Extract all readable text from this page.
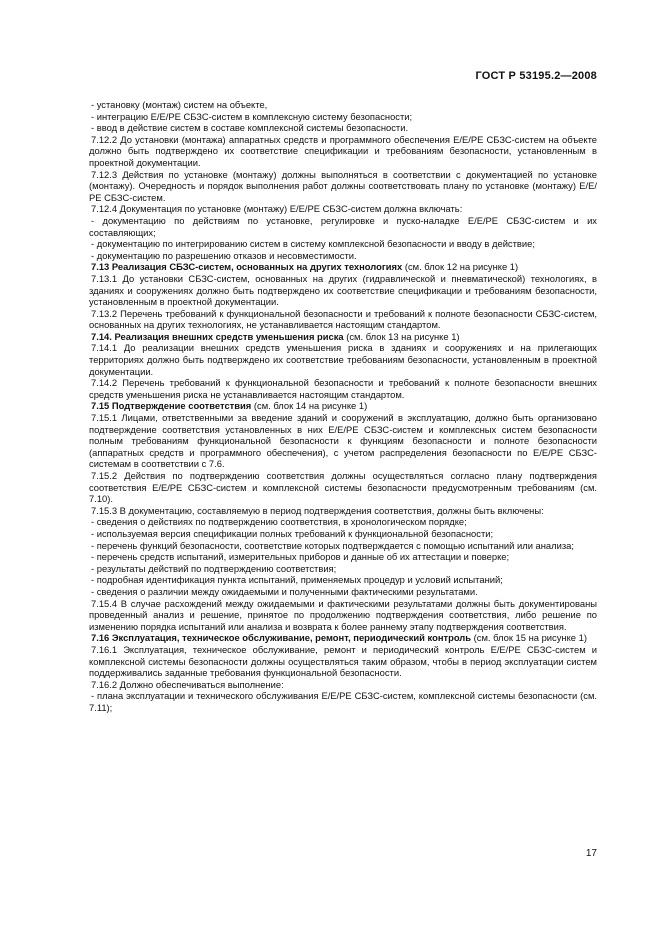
ГОСТ Р 53195.2—2008

- установку (монтаж) систем на объекте,

- интеграцию Е/Е/РЕ СБЗС-систем в комплексную систему безопасности;

- ввод в действие систем в составе комплексной системы безопасности.

7.12.2 До установки (монтажа) аппаратных средств и программного обеспечения Е/Е/РЕ СБЗС-систем на объекте должно быть подтверждено их соответствие спецификации и требованиям безопасности, установленным в проектной документации.

7.12.3 Действия по установке (монтажу) должны выполняться в соответствии с документацией по установке (монтажу). Очередность и порядок выполнения работ должны соответствовать плану по установке (монтажу) Е/Е/РЕ СБЗС-систем.

7.12.4 Документация по установке (монтажу) Е/Е/РЕ СБЗС-систем должна включать:

- документацию по действиям по установке, регулировке и пуско-наладке Е/Е/РЕ СБЗС-систем и их составляющих;

- документацию по интегрированию систем в систему комплексной безопасности и вводу в действие;

- документацию по разрешению отказов и несовместимости.

7.13 Реализация СБЗС-систем, основанных на других технологиях (см. блок 12 на рисунке 1)

7.13.1 До установки СБЗС-систем, основанных на других (гидравлической и пневматической) технологиях, в зданиях и сооружениях должно быть подтверждено их соответствие спецификации и требованиям безопасности, установленным в проектной документации.

7.13.2 Перечень требований к функциональной безопасности и требований к полноте безопасности СБЗС-систем, основанных на других технологиях, не устанавливается настоящим стандартом.

7.14. Реализация внешних средств уменьшения риска (см. блок 13 на рисунке 1)

7.14.1 До реализации внешних средств уменьшения риска в зданиях и сооружениях и на прилегающих территориях должно быть подтверждено их соответствие требованиям безопасности, установленным в проектной документации.

7.14.2 Перечень требований к функциональной безопасности и требований к полноте безопасности внешних средств уменьшения риска не устанавливается настоящим стандартом.

7.15 Подтверждение соответствия (см. блок 14 на рисунке 1)

7.15.1 Лицами, ответственными за введение зданий и сооружений в эксплуатацию, должно быть организовано подтверждение соответствия установленных в них Е/Е/РЕ СБЗС-систем и комплексных систем безопасности полным требованиям функциональной безопасности к функциям безопасности и полноте безопасности (аппаратных средств и программного обеспечения), с учетом распределения безопасности по Е/Е/РЕ СБЗС-системам в соответствии с 7.6.

7.15.2 Действия по подтверждению соответствия должны осуществляться согласно плану подтверждения соответствия Е/Е/РЕ СБЗС-систем и комплексной системы безопасности предусмотренным требованиям (см. 7.10).

7.15.3 В документацию, составляемую в период подтверждения соответствия, должны быть включены:

- сведения о действиях по подтверждению соответствия, в хронологическом порядке;

- используемая версия спецификации полных требований к функциональной безопасности;

- перечень функций безопасности, соответствие которых подтверждается с помощью испытаний или анализа;

- перечень средств испытаний, измерительных приборов и данные об их аттестации и поверке;

- результаты действий по подтверждению соответствия;

- подробная идентификация пункта испытаний, применяемых процедур и условий испытаний;

- сведения о различии между ожидаемыми и полученными фактическими результатами.

7.15.4 В случае расхождений между ожидаемыми и фактическими результатами должны быть документированы проведенный анализ и решение, принятое по продолжению подтверждения соответствия, либо решение по изменению порядка испытаний или анализа и возврата к более раннему этапу подтверждения соответствия.

7.16 Эксплуатация, техническое обслуживание, ремонт, периодический контроль (см. блок 15 на рисунке 1)

7.16.1 Эксплуатация, техническое обслуживание, ремонт и периодический контроль Е/Е/РЕ СБЗС-систем и комплексной системы безопасности должны осуществляться таким образом, чтобы в период эксплуатации систем поддерживались заданные требования функциональной безопасности.

7.16.2 Должно обеспечиваться выполнение:

- плана эксплуатации и технического обслуживания Е/Е/РЕ СБЗС-систем, комплексной системы безопасности (см. 7.11);

17
